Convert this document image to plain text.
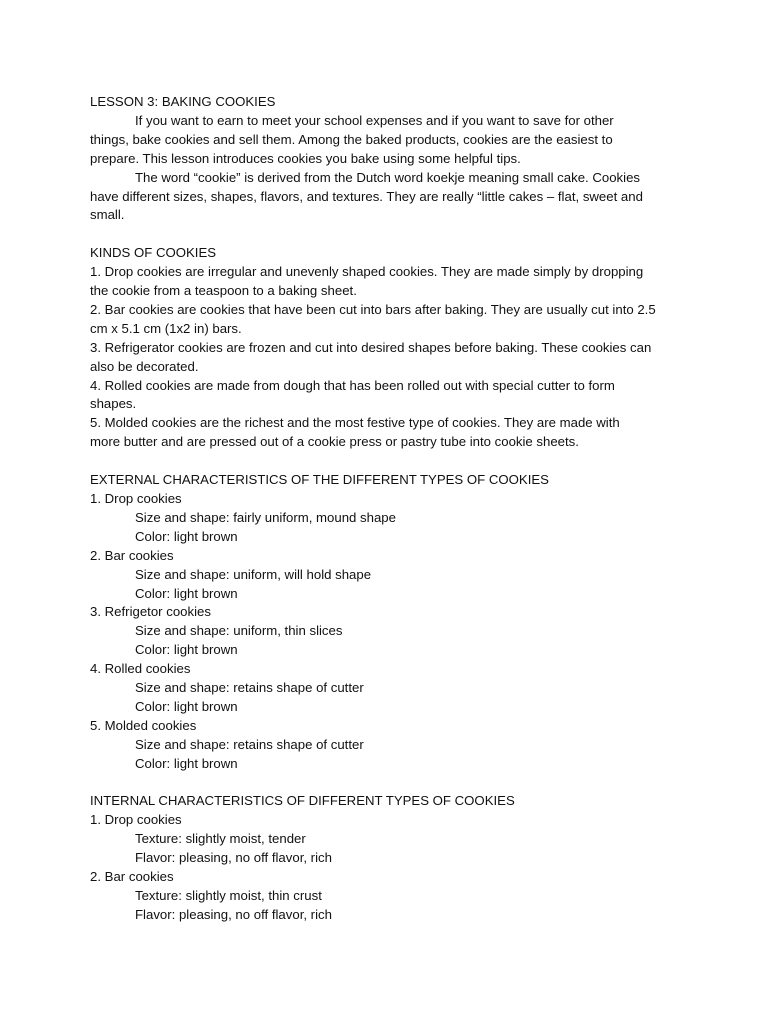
LESSON 3: BAKING COOKIES

If you want to earn to meet your school expenses and if you want to save for other

things, bake cookies and sell them. Among the baked products, cookies are the easiest to

prepare. This lesson introduces cookies you bake using some helpful tips.

The word “cookie” is derived from the Dutch word koekje meaning small cake. Cookies

have different sizes, shapes, flavors, and textures. They are really “little cakes – flat, sweet and

small.

KINDS OF COOKIES

1. Drop cookies are irregular and unevenly shaped cookies. They are made simply by dropping

the cookie from a teaspoon to a baking sheet.

2. Bar cookies are cookies that have been cut into bars after baking. They are usually cut into 2.5

cm x 5.1 cm (1x2 in) bars.

3. Refrigerator cookies are frozen and cut into desired shapes before baking. These cookies can

also be decorated.

4. Rolled cookies are made from dough that has been rolled out with special cutter to form

shapes.

5. Molded cookies are the richest and the most festive type of cookies. They are made with

more butter and are pressed out of a cookie press or pastry tube into cookie sheets.

EXTERNAL CHARACTERISTICS OF THE DIFFERENT TYPES OF COOKIES

1. Drop cookies

Size and shape: fairly uniform, mound shape

Color: light brown

2. Bar cookies

Size and shape: uniform, will hold shape

Color: light brown

3. Refrigetor cookies

Size and shape: uniform, thin slices

Color: light brown

4. Rolled cookies

Size and shape: retains shape of cutter

Color: light brown

5. Molded cookies

Size and shape: retains shape of cutter

Color: light brown

INTERNAL CHARACTERISTICS OF DIFFERENT TYPES OF COOKIES

1. Drop cookies

Texture: slightly moist, tender

Flavor: pleasing, no off flavor, rich

2. Bar cookies

Texture: slightly moist, thin crust

Flavor: pleasing, no off flavor, rich
